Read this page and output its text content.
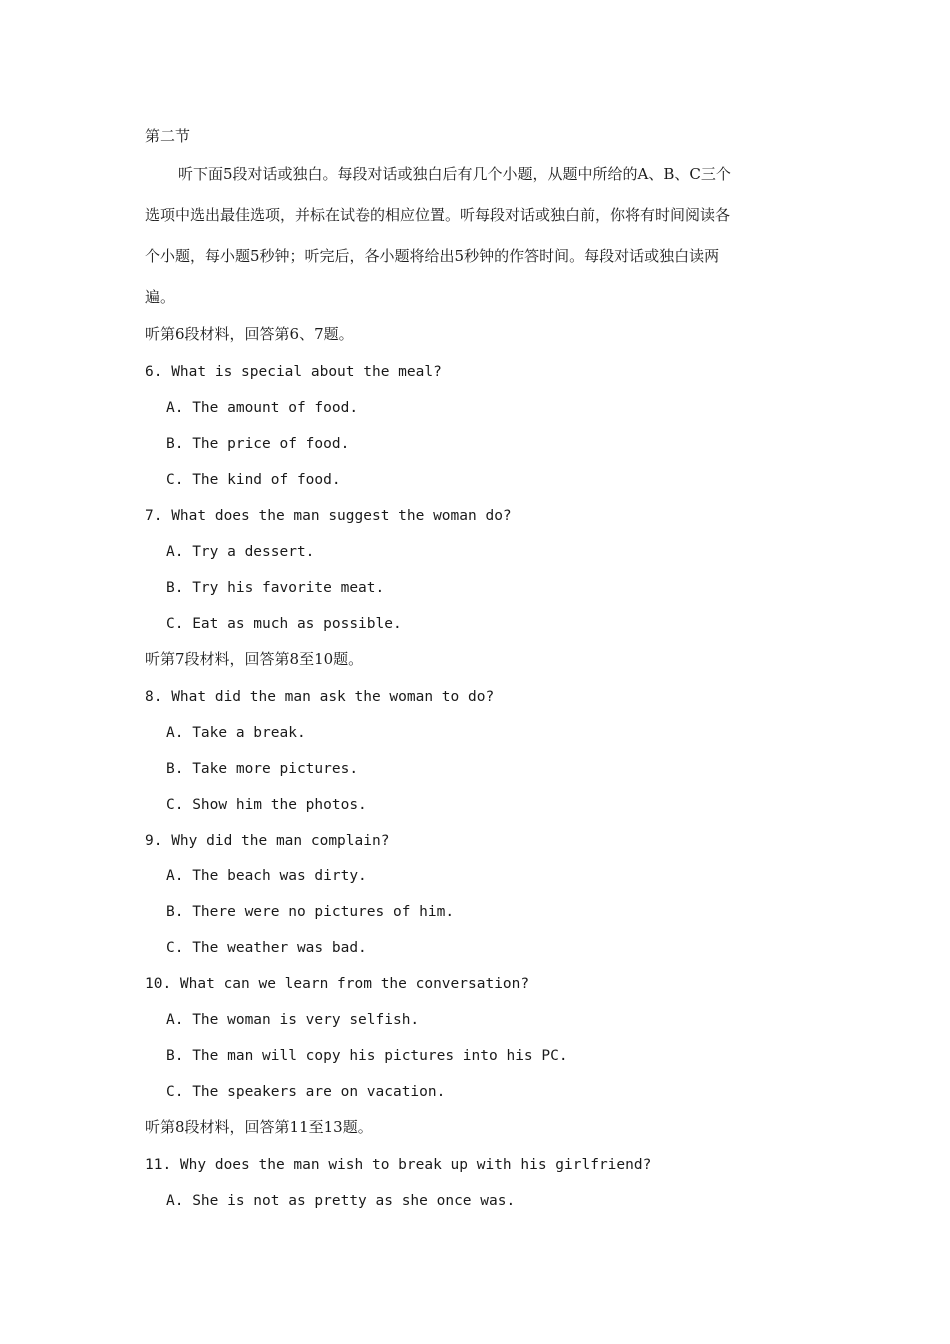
第二节
听下面5段对话或独白。每段对话或独白后有几个小题，从题中所给的A、B、C三个
选项中选出最佳选项，并标在试卷的相应位置。听每段对话或独白前，你将有时间阅读各
个小题，每小题5秒钟；听完后，各小题将给出5秒钟的作答时间。每段对话或独白读两
遍。
听第6段材料，回答第6、7题。
6. What is special about the meal?
A. The amount of food.
B. The price of food.
C. The kind of food.
7. What does the man suggest the woman do?
A. Try a dessert.
B. Try his favorite meat.
C. Eat as much as possible.
听第7段材料，回答第8至10题。
8. What did the man ask the woman to do?
A. Take a break.
B. Take more pictures.
C. Show him the photos.
9. Why did the man complain?
A. The beach was dirty.
B. There were no pictures of him.
C. The weather was bad.
10. What can we learn from the conversation?
A. The woman is very selfish.
B. The man will copy his pictures into his PC.
C. The speakers are on vacation.
听第8段材料，回答第11至13题。
11. Why does the man wish to break up with his girlfriend?
A. She is not as pretty as she once was.
